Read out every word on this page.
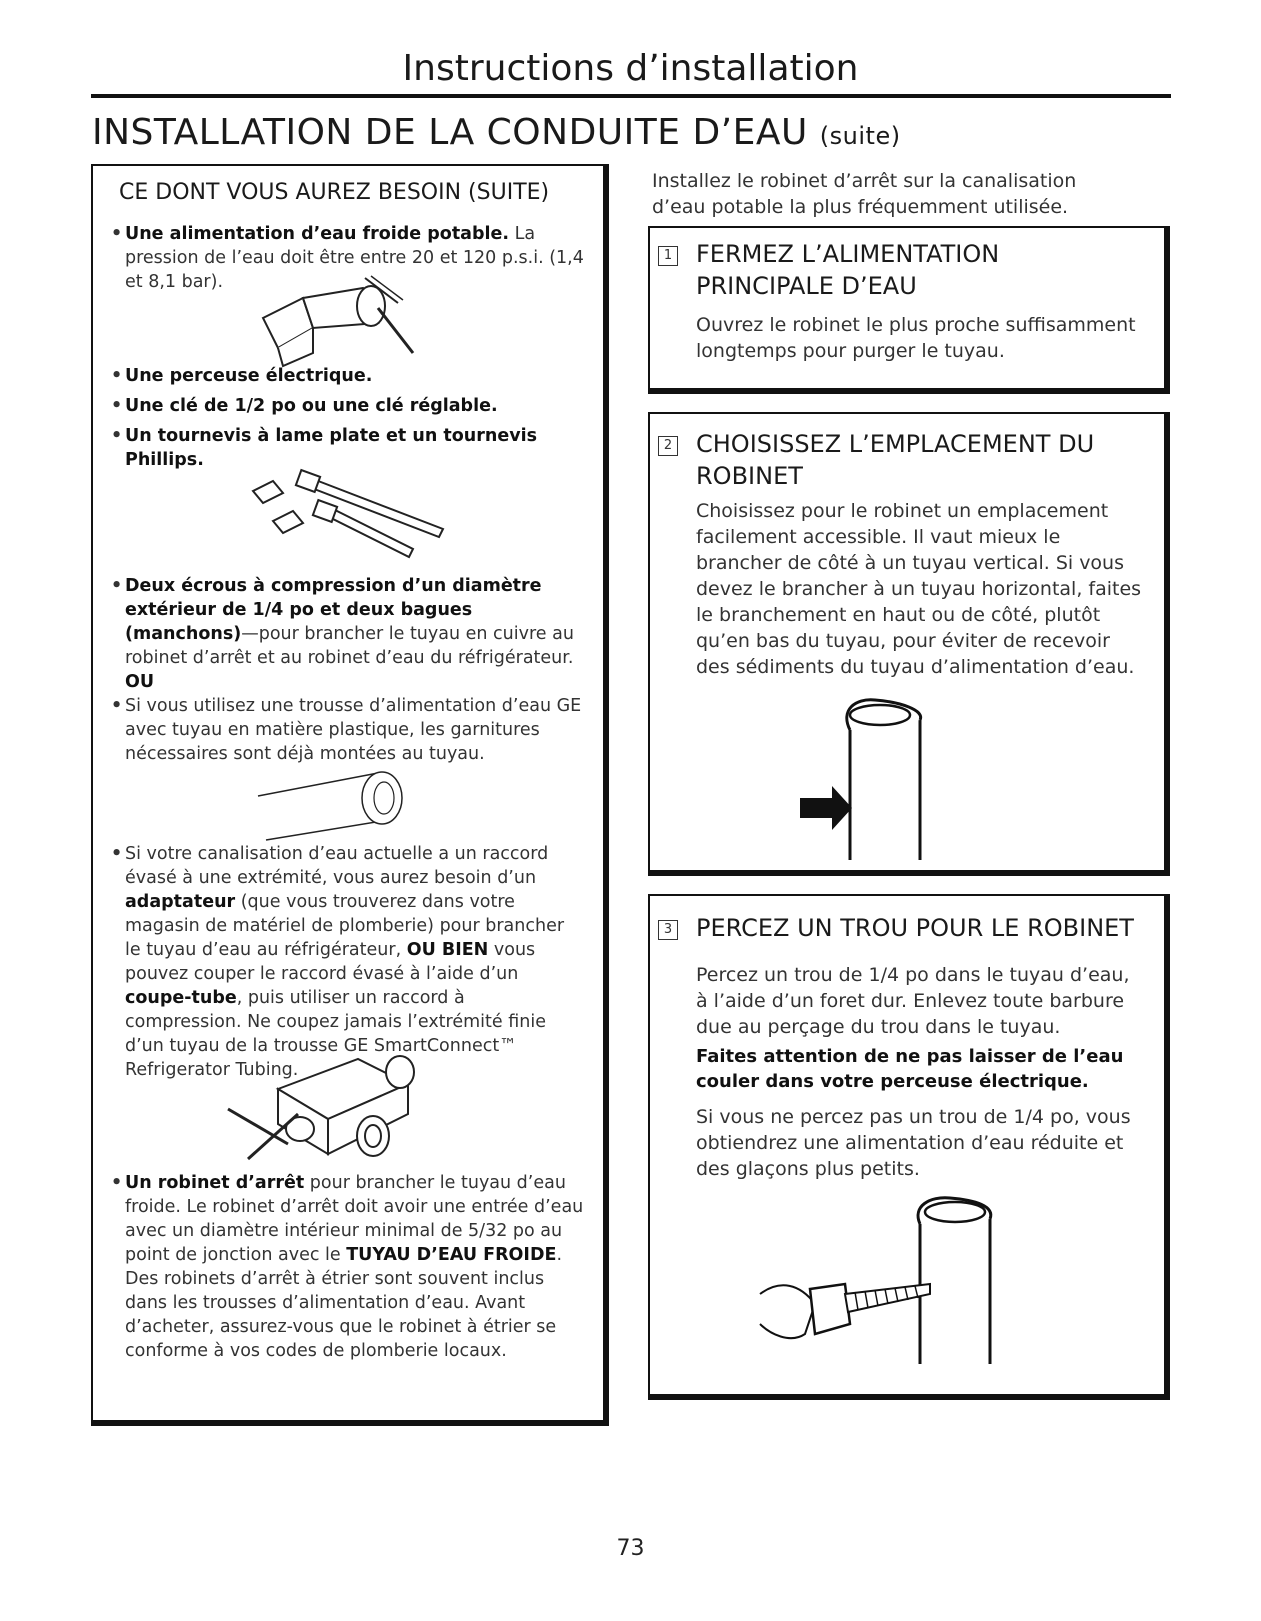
Instructions d’installation
INSTALLATION DE LA CONDUITE D’EAU (suite)
CE DONT VOUS AUREZ BESOIN (SUITE)
• Une alimentation d’eau froide potable. La pression de l’eau doit être entre 20 et 120 p.s.i. (1,4 et 8,1 bar).
• Une perceuse électrique.
• Une clé de 1/2 po ou une clé réglable.
• Un tournevis à lame plate et un tournevis Phillips.
• Deux écrous à compression d’un diamètre extérieur de 1/4 po et deux bagues (manchons)—pour brancher le tuyau en cuivre au robinet d’arrêt et au robinet d’eau du réfrigérateur.
OU
• Si vous utilisez une trousse d’alimentation d’eau GE avec tuyau en matière plastique, les garnitures nécessaires sont déjà montées au tuyau.
• Si votre canalisation d’eau actuelle a un raccord évasé à une extrémité, vous aurez besoin d’un adaptateur (que vous trouverez dans votre magasin de matériel de plomberie) pour brancher le tuyau d’eau au réfrigérateur, OU BIEN vous pouvez couper le raccord évasé à l’aide d’un coupe-tube, puis utiliser un raccord à compression. Ne coupez jamais l’extrémité finie d’un tuyau de la trousse GE SmartConnect™ Refrigerator Tubing.
• Un robinet d’arrêt pour brancher le tuyau d’eau froide. Le robinet d’arrêt doit avoir une entrée d’eau avec un diamètre intérieur minimal de 5/32 po au point de jonction avec le TUYAU D’EAU FROIDE. Des robinets d’arrêt à étrier sont souvent inclus dans les trousses d’alimentation d’eau. Avant d’acheter, assurez-vous que le robinet à étrier se conforme à vos codes de plomberie locaux.
Installez le robinet d’arrêt sur la canalisation d’eau potable la plus fréquemment utilisée.
1 FERMEZ L’ALIMENTATION PRINCIPALE D’EAU
Ouvrez le robinet le plus proche suffisamment longtemps pour purger le tuyau.
2 CHOISISSEZ L’EMPLACEMENT DU ROBINET
Choisissez pour le robinet un emplacement facilement accessible. Il vaut mieux le brancher de côté à un tuyau vertical. Si vous devez le brancher à un tuyau horizontal, faites le branchement en haut ou de côté, plutôt qu’en bas du tuyau, pour éviter de recevoir des sédiments du tuyau d’alimentation d’eau.
3 PERCEZ UN TROU POUR LE ROBINET
Percez un trou de 1/4 po dans le tuyau d’eau, à l’aide d’un foret dur. Enlevez toute barbure due au perçage du trou dans le tuyau.
Faites attention de ne pas laisser de l’eau couler dans votre perceuse électrique.
Si vous ne percez pas un trou de 1/4 po, vous obtiendrez une alimentation d’eau réduite et des glaçons plus petits.
73
